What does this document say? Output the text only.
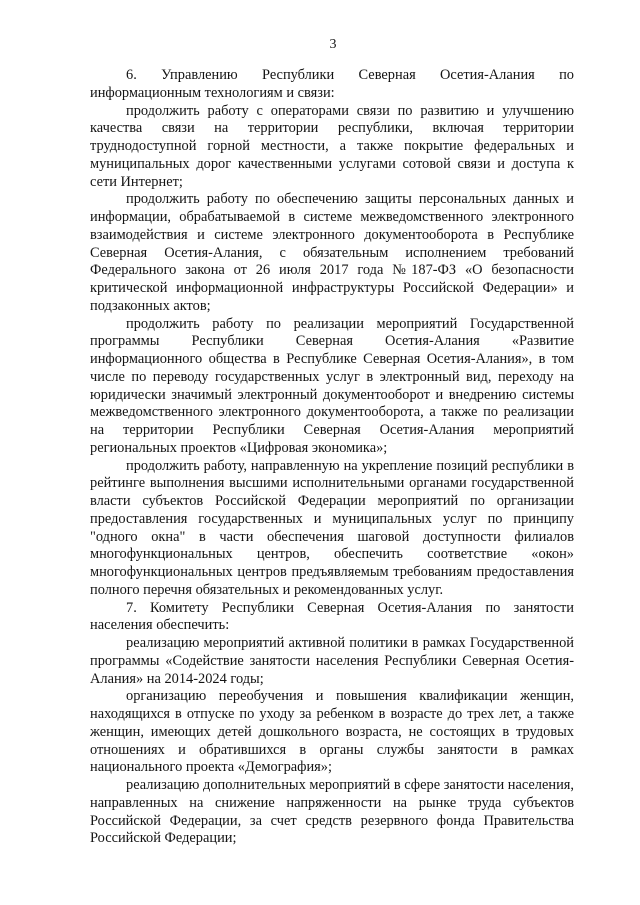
3

6. Управлению Республики Северная Осетия-Алания по
информационным технологиям и связи:

продолжить работу с операторами связи по развитию и улучшению качества связи на территории республики, включая территории труднодоступной горной местности, а также покрытие федеральных и муниципальных дорог качественными услугами сотовой связи и доступа к сети Интернет;

продолжить работу по обеспечению защиты персональных данных и информации, обрабатываемой в системе межведомственного электронного взаимодействия и системе электронного документооборота в Республике Северная Осетия-Алания, с обязательным исполнением требований Федерального закона от 26 июля 2017 года №187-ФЗ «О безопасности критической информационной инфраструктуры Российской Федерации» и подзаконных актов;

продолжить работу по реализации мероприятий Государственной программы Республики Северная Осетия-Алания «Развитие информационного общества в Республике Северная Осетия-Алания», в том числе по переводу государственных услуг в электронный вид, переходу на юридически значимый электронный документооборот и внедрению системы межведомственного электронного документооборота, а также по реализации на территории Республики Северная Осетия-Алания мероприятий региональных проектов «Цифровая экономика»;

продолжить работу, направленную на укрепление позиций республики в рейтинге выполнения высшими исполнительными органами государственной власти субъектов Российской Федерации мероприятий по организации предоставления государственных и муниципальных услуг по принципу "одного окна" в части обеспечения шаговой доступности филиалов многофункциональных центров, обеспечить соответствие «окон» многофункциональных центров предъявляемым требованиям предоставления полного перечня обязательных и рекомендованных услуг.

7. Комитету Республики Северная Осетия-Алания по занятости населения обеспечить:

реализацию мероприятий активной политики в рамках Государственной программы «Содействие занятости населения Республики Северная Осетия-Алания» на 2014-2024 годы;

организацию переобучения и повышения квалификации женщин, находящихся в отпуске по уходу за ребенком в возрасте до трех лет, а также женщин, имеющих детей дошкольного возраста, не состоящих в трудовых отношениях и обратившихся в органы службы занятости в рамках национального проекта «Демография»;

реализацию дополнительных мероприятий в сфере занятости населения, направленных на снижение напряженности на рынке труда субъектов Российской Федерации, за счет средств резервного фонда Правительства Российской Федерации;
